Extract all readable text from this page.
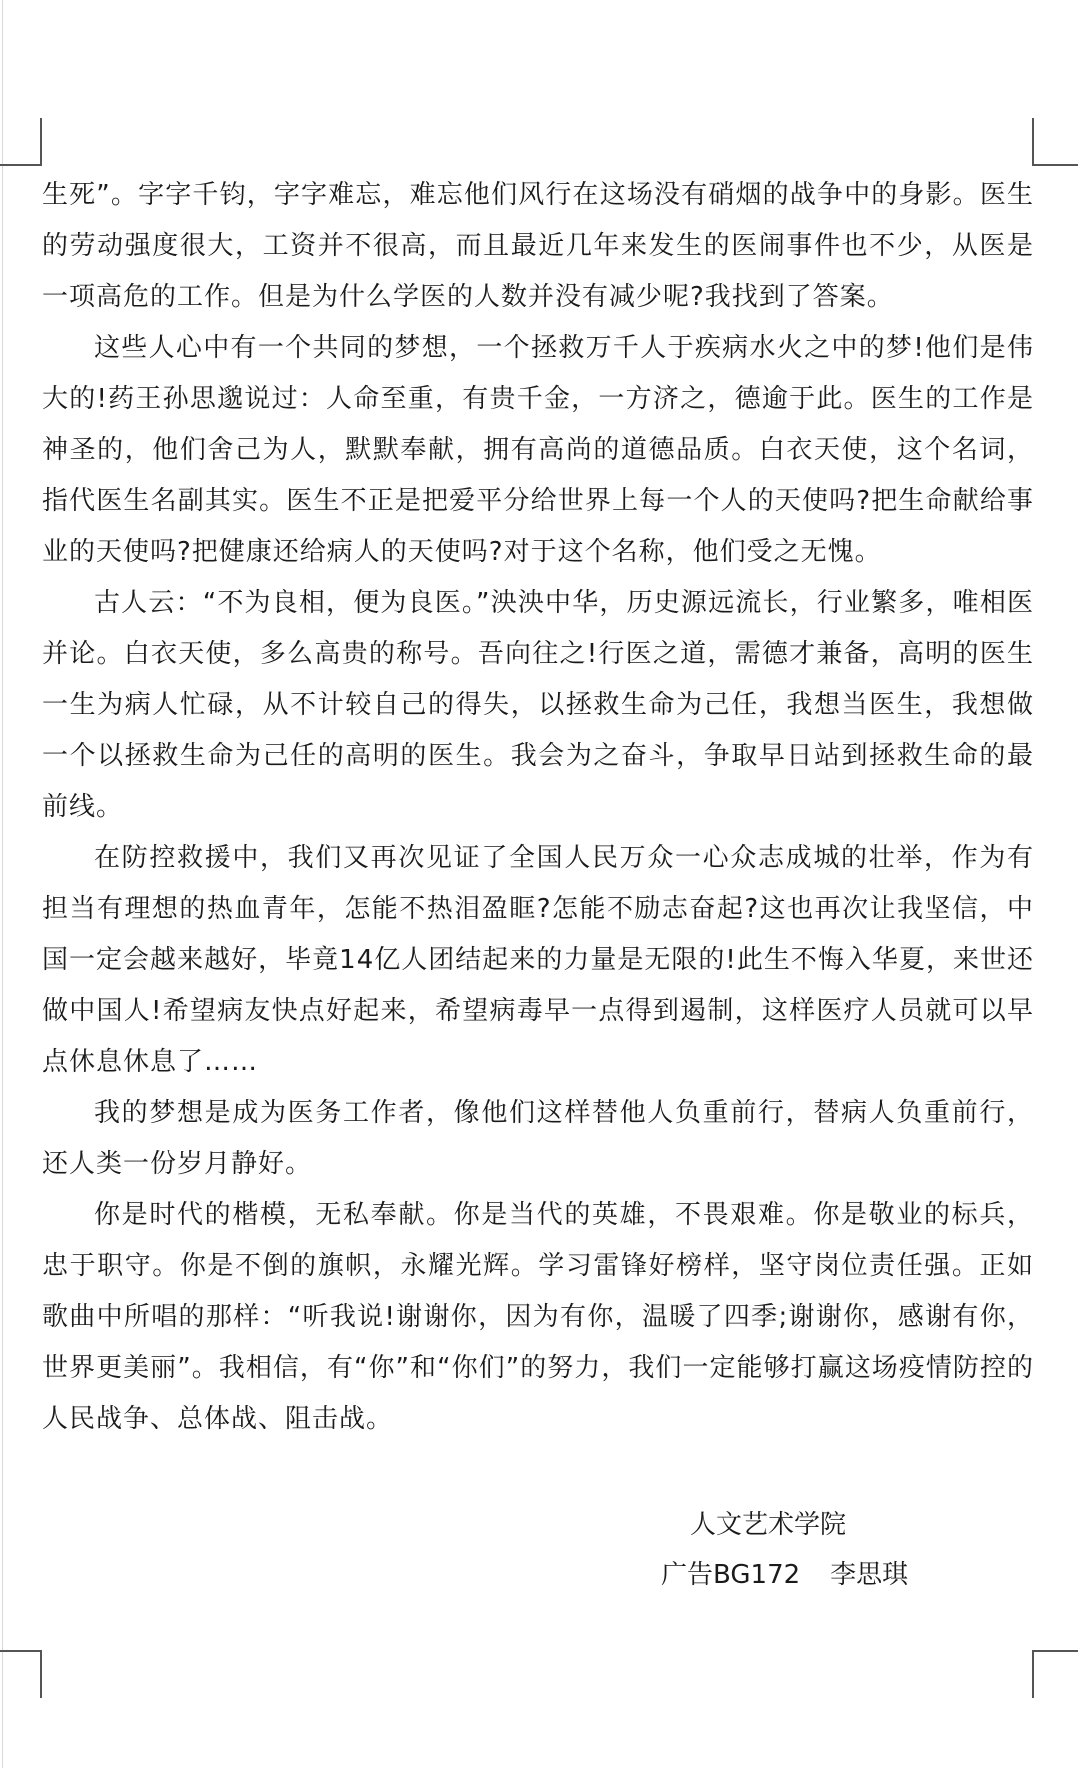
生死”。字字千钧，字字难忘，难忘他们风行在这场没有硝烟的战争中的身影。医生的劳动强度很大，工资并不很高，而且最近几年来发生的医闹事件也不少，从医是一项高危的工作。但是为什么学医的人数并没有减少呢?我找到了答案。

这些人心中有一个共同的梦想，一个拯救万千人于疾病水火之中的梦!他们是伟大的!药王孙思邈说过：人命至重，有贵千金，一方济之，德逾于此。医生的工作是神圣的，他们舍己为人，默默奉献，拥有高尚的道德品质。白衣天使，这个名词，指代医生名副其实。医生不正是把爱平分给世界上每一个人的天使吗?把生命献给事业的天使吗?把健康还给病人的天使吗?对于这个名称，他们受之无愧。

古人云：“不为良相，便为良医。”泱泱中华，历史源远流长，行业繁多，唯相医并论。白衣天使，多么高贵的称号。吾向往之!行医之道，需德才兼备，高明的医生一生为病人忙碌，从不计较自己的得失，以拯救生命为己任，我想当医生，我想做一个以拯救生命为己任的高明的医生。我会为之奋斗，争取早日站到拯救生命的最前线。

在防控救援中，我们又再次见证了全国人民万众一心众志成城的壮举，作为有担当有理想的热血青年，怎能不热泪盈眶?怎能不励志奋起?这也再次让我坚信，中国一定会越来越好，毕竟14亿人团结起来的力量是无限的!此生不悔入华夏，来世还做中国人!希望病友快点好起来，希望病毒早一点得到遏制，这样医疗人员就可以早点休息休息了……

我的梦想是成为医务工作者，像他们这样替他人负重前行，替病人负重前行，还人类一份岁月静好。

你是时代的楷模，无私奉献。你是当代的英雄，不畏艰难。你是敬业的标兵，忠于职守。你是不倒的旗帜，永耀光辉。学习雷锋好榜样，坚守岗位责任强。正如歌曲中所唱的那样：“听我说!谢谢你，因为有你，温暖了四季;谢谢你，感谢有你，世界更美丽”。我相信，有“你”和“你们”的努力，我们一定能够打赢这场疫情防控的人民战争、总体战、阻击战。

人文艺术学院
广告BG172 李思琪
